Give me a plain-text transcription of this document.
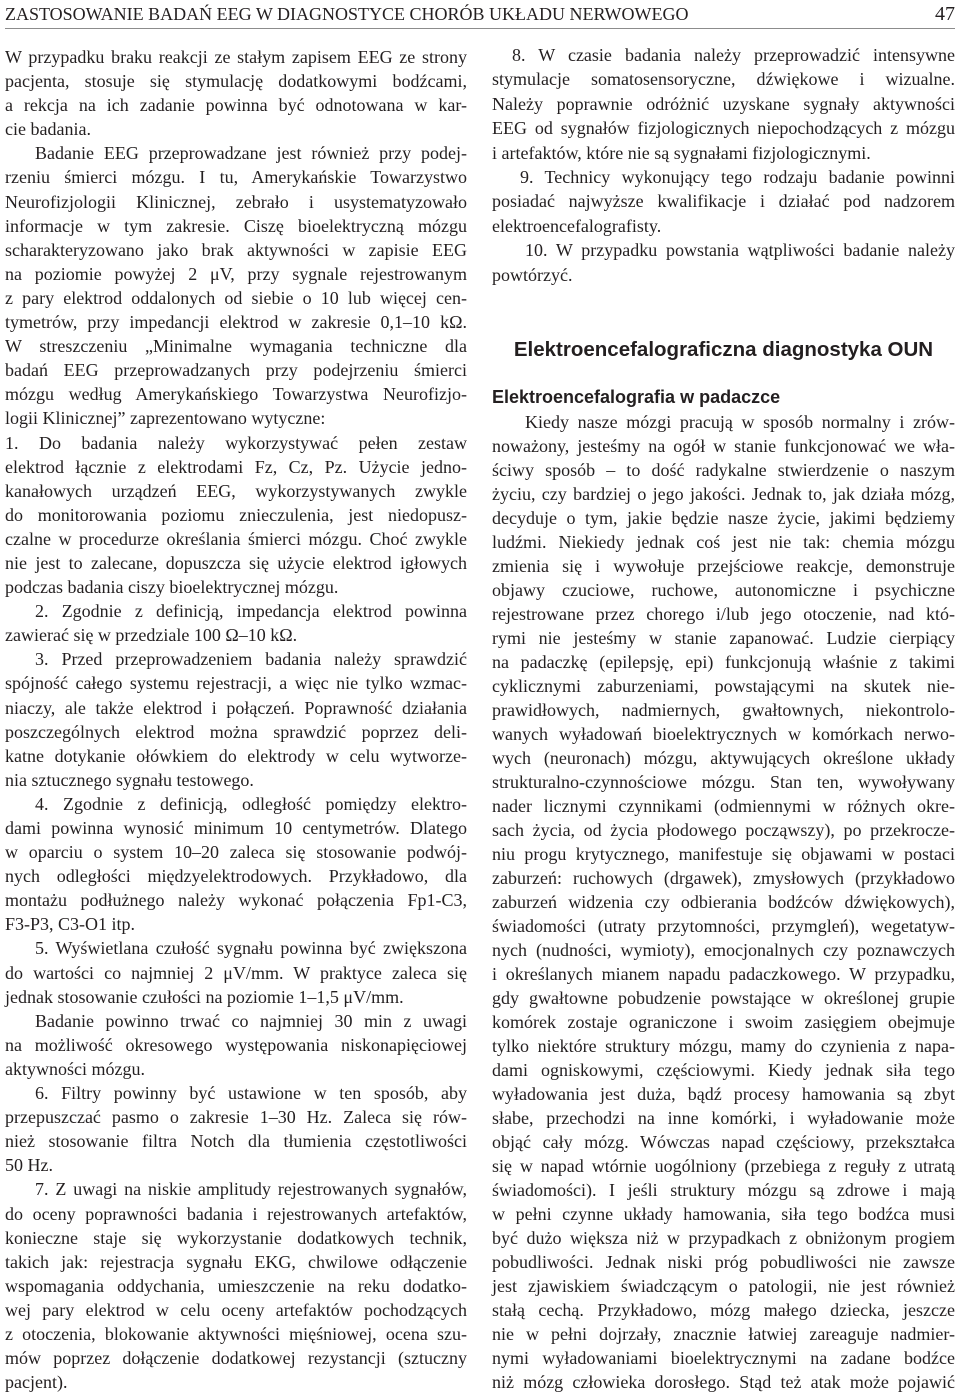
ZASTOSOWANIE BADAŃ EEG W DIAGNOSTYCE CHORÓB UKŁADU NERWOWEGO	47
W przypadku braku reakcji ze stałym zapisem EEG ze strony
pacjenta, stosuje się stymulację dodatkowymi bodźcami,
a rekcja na ich zadanie powinna być odnotowana w kar-
cie badania.
Badanie EEG przeprowadzane jest również przy podej-
rzeniu śmierci mózgu. I tu, Amerykańskie Towarzystwo
Neurofizjologii Klinicznej, zebrało i usystematyzowało
informacje w tym zakresie. Ciszę bioelektryczną mózgu
scharakteryzowano jako brak aktywności w zapisie EEG
na poziomie powyżej 2 μV, przy sygnale rejestrowanym
z pary elektrod oddalonych od siebie o 10 lub więcej cen-
tymetrów, przy impedancji elektrod w zakresie 0,1–10 kΩ.
W streszczeniu „Minimalne wymagania techniczne dla
badań EEG przeprowadzanych przy podejrzeniu śmierci
mózgu według Amerykańskiego Towarzystwa Neurofizjo-
logii Klinicznej” zaprezentowano wytyczne:
1. Do badania należy wykorzystywać pełen zestaw
elektrod łącznie z elektrodami Fz, Cz, Pz. Użycie jedno-
kanałowych urządzeń EEG, wykorzystywanych zwykle
do monitorowania poziomu znieczulenia, jest niedopusz-
czalne w procedurze określania śmierci mózgu. Choć zwykle
nie jest to zalecane, dopuszcza się użycie elektrod igłowych
podczas badania ciszy bioelektrycznej mózgu.
2. Zgodnie z definicją, impedancja elektrod powinna
zawierać się w przedziale 100 Ω–10 kΩ.
3. Przed przeprowadzeniem badania należy sprawdzić
spójność całego systemu rejestracji, a więc nie tylko wzmac-
niaczy, ale także elektrod i połączeń. Poprawność działania
poszczególnych elektrod można sprawdzić poprzez deli-
katne dotykanie ołówkiem do elektrody w celu wytworze-
nia sztucznego sygnału testowego.
4. Zgodnie z definicją, odległość pomiędzy elektro-
dami powinna wynosić minimum 10 centymetrów. Dlatego
w oparciu o system 10–20 zaleca się stosowanie podwój-
nych odległości międzyelektrodowych. Przykładowo, dla
montażu podłużnego należy wykonać połączenia Fp1-C3,
F3-P3, C3-O1 itp.
5. Wyświetlana czułość sygnału powinna być zwiększona
do wartości co najmniej 2 μV/mm. W praktyce zaleca się
jednak stosowanie czułości na poziomie 1–1,5 μV/mm.
Badanie powinno trwać co najmniej 30 min z uwagi
na możliwość okresowego występowania niskonapięciowej
aktywności mózgu.
6. Filtry powinny być ustawione w ten sposób, aby
przepuszczać pasmo o zakresie 1–30 Hz. Zaleca się rów-
nież stosowanie filtra Notch dla tłumienia częstotliwości
50 Hz.
7. Z uwagi na niskie amplitudy rejestrowanych sygnałów,
do oceny poprawności badania i rejestrowanych artefaktów,
konieczne staje się wykorzystanie dodatkowych technik,
takich jak: rejestracja sygnału EKG, chwilowe odłączenie
wspomagania oddychania, umieszczenie na reku dodatko-
wej pary elektrod w celu oceny artefaktów pochodzących
z otoczenia, blokowanie aktywności mięśniowej, ocena szu-
mów poprzez dołączenie dodatkowej rezystancji (sztuczny
pacjent).
8. W czasie badania należy przeprowadzić intensywne
stymulacje somatosensoryczne, dźwiękowe i wizualne.
Należy poprawnie odróżnić uzyskane sygnały aktywności
EEG od sygnałów fizjologicznych niepochodzących z mózgu
i artefaktów, które nie są sygnałami fizjologicznymi.
9. Technicy wykonujący tego rodzaju badanie powinni
posiadać najwyższe kwalifikacje i działać pod nadzorem
elektroencefalografisty.
10. W przypadku powstania wątpliwości badanie należy
powtórzyć.
Elektroencefalograficzna diagnostyka OUN
Elektroencefalografia w padaczce
Kiedy nasze mózgi pracują w sposób normalny i zrów-
noważony, jesteśmy na ogół w stanie funkcjonować we wła-
ściwy sposób – to dość radykalne stwierdzenie o naszym
życiu, czy bardziej o jego jakości. Jednak to, jak działa mózg,
decyduje o tym, jakie będzie nasze życie, jakimi będziemy
ludźmi. Niekiedy jednak coś jest nie tak: chemia mózgu
zmienia się i wywołuje przejściowe reakcje, demonstruje
objawy czuciowe, ruchowe, autonomiczne i psychiczne
rejestrowane przez chorego i/lub jego otoczenie, nad któ-
rymi nie jesteśmy w stanie zapanować. Ludzie cierpiący
na padaczkę (epilepsję, epi) funkcjonują właśnie z takimi
cyklicznymi zaburzeniami, powstającymi na skutek nie-
prawidłowych, nadmiernych, gwałtownych, niekontrolo-
wanych wyładowań bioelektrycznych w komórkach nerwo-
wych (neuronach) mózgu, aktywujących określone układy
strukturalno-czynnościowe mózgu. Stan ten, wywoływany
nader licznymi czynnikami (odmiennymi w różnych okre-
sach życia, od życia płodowego począwszy), po przekrocze-
niu progu krytycznego, manifestuje się objawami w postaci
zaburzeń: ruchowych (drgawek), zmysłowych (przykładowo
zaburzeń widzenia czy odbierania bodźców dźwiękowych),
świadomości (utraty przytomności, przymgleń), wegetatyw-
nych (nudności, wymioty), emocjonalnych czy poznawczych
i określanych mianem napadu padaczkowego. W przypadku,
gdy gwałtowne pobudzenie powstające w określonej grupie
komórek zostaje ograniczone i swoim zasięgiem obejmuje
tylko niektóre struktury mózgu, mamy do czynienia z napa-
dami ogniskowymi, częściowymi. Kiedy jednak siła tego
wyładowania jest duża, bądź procesy hamowania są zbyt
słabe, przechodzi na inne komórki, i wyładowanie może
objąć cały mózg. Wówczas napad częściowy, przekształca
się w napad wtórnie uogólniony (przebiega z reguły z utratą
świadomości). I jeśli struktury mózgu są zdrowe i mają
w pełni czynne układy hamowania, siła tego bodźca musi
być dużo większa niż w przypadkach z obniżonym progiem
pobudliwości. Jednak niski próg pobudliwości nie zawsze
jest zjawiskiem świadczącym o patologii, nie jest również
stałą cechą. Przykładowo, mózg małego dziecka, jeszcze
nie w pełni dojrzały, znacznie łatwiej zareaguje nadmier-
nymi wyładowaniami bioelektrycznymi na zadane bodźce
niż mózg człowieka dorosłego. Stąd też atak może pojawić
